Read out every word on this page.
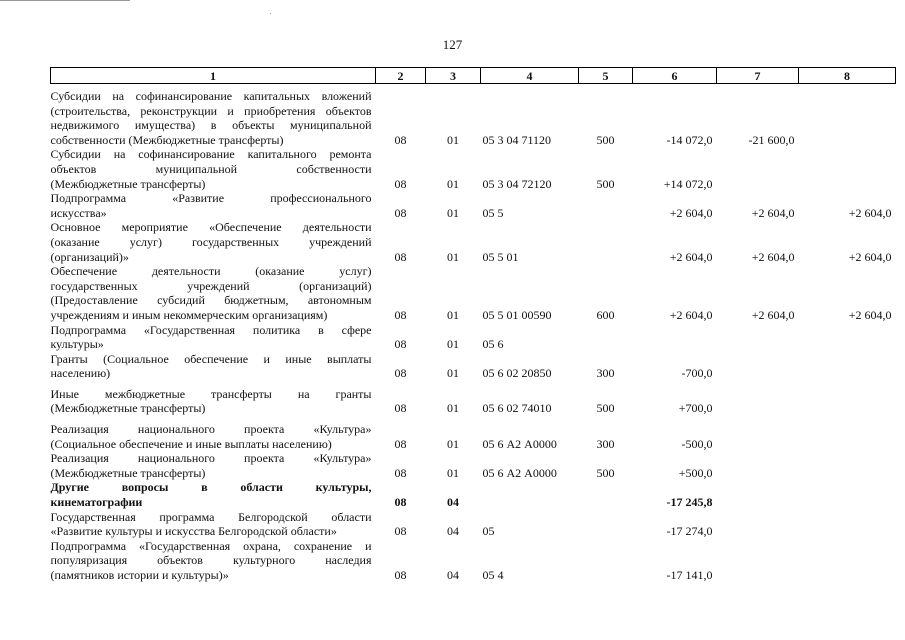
127
1	2	3	4	5	6	7	8

Субсидии на софинансирование капитальных вложений
(строительства, реконструкции и приобретения объектов
недвижимого имущества) в объекты муниципальной
собственности (Межбюджетные трансферты)	08	01	05 3 04 71120	500	-14 072,0	-21 600,0	

Субсидии на софинансирование капитального ремонта
объектов муниципальной собственности
(Межбюджетные трансферты)	08	01	05 3 04 72120	500	+14 072,0		

Подпрограмма «Развитие профессионального
искусства»	08	01	05 5		+2 604,0	+2 604,0	+2 604,0

Основное мероприятие «Обеспечение деятельности
(оказание услуг) государственных учреждений
(организаций)»	08	01	05 5 01		+2 604,0	+2 604,0	+2 604,0

Обеспечение деятельности (оказание услуг)
государственных учреждений (организаций)
(Предоставление субсидий бюджетным, автономным
учреждениям и иным некоммерческим организациям)	08	01	05 5 01 00590	600	+2 604,0	+2 604,0	+2 604,0

Подпрограмма «Государственная политика в сфере
культуры»	08	01	05 6				

Гранты (Социальное обеспечение и иные выплаты
населению)	08	01	05 6 02 20850	300	-700,0		

Иные межбюджетные трансферты на гранты
(Межбюджетные трансферты)	08	01	05 6 02 74010	500	+700,0		

Реализация национального проекта «Культура»
(Социальное обеспечение и иные выплаты населению)	08	01	05 6 А2 А0000	300	-500,0		

Реализация национального проекта «Культура»
(Межбюджетные трансферты)	08	01	05 6 А2 А0000	500	+500,0		

Другие вопросы в области культуры,
кинематографии	08	04			-17 245,8		

Государственная программа Белгородской области
«Развитие культуры и искусства Белгородской области»	08	04	05		-17 274,0		

Подпрограмма «Государственная охрана, сохранение и
популяризация объектов культурного наследия
(памятников истории и культуры)»	08	04	05 4		-17 141,0		
